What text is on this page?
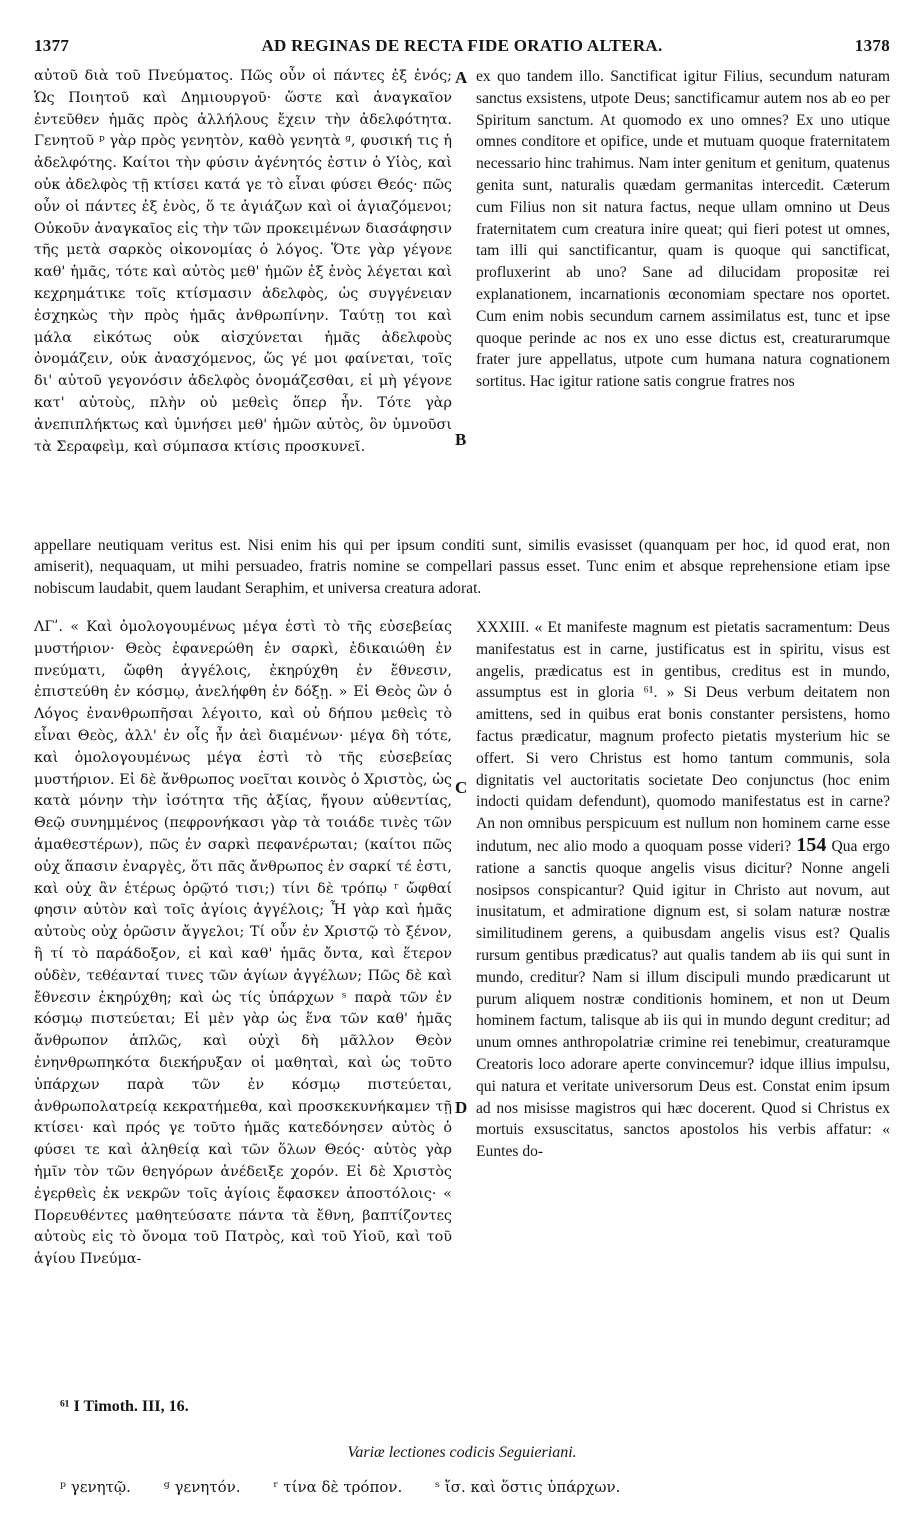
1377	AD REGINAS DE RECTA FIDE ORATIO ALTERA.	1378

αὐτοῦ διὰ τοῦ Πνεύματος. Πῶς οὖν οἱ πάντες ἐξ ἑνός; Ὡς Ποιητοῦ καὶ Δημιουργοῦ· ὥστε καὶ ἀναγκαῖον ἐντεῦθεν ἡμᾶς πρὸς ἀλλήλους ἔχειν τὴν ἀδελφότητα. Γενητοῦ ᵖ γὰρ πρὸς γενητὸν, καθὸ γενητὰ ᵍ, φυσική τις ἡ ἀδελφότης. Καίτοι τὴν φύσιν ἀγένητός ἐστιν ὁ Υἱὸς, καὶ οὐκ ἀδελφὸς τῇ κτίσει κατά γε τὸ εἶναι φύσει Θεός· πῶς οὖν οἱ πάντες ἐξ ἑνὸς, ὅ τε ἁγιάζων καὶ οἱ ἁγιαζόμενοι; Οὐκοῦν ἀναγκαῖος εἰς τὴν τῶν προκειμένων διασάφησιν τῆς μετὰ σαρκὸς οἰκονομίας ὁ λόγος. Ὅτε γὰρ γέγονε καθ' ἡμᾶς, τότε καὶ αὐτὸς μεθ' ἡμῶν ἐξ ἑνὸς λέγεται καὶ κεχρημάτικε τοῖς κτίσμασιν ἀδελφὸς, ὡς συγγένειαν ἐσχηκὼς τὴν πρὸς ἡμᾶς ἀνθρωπίνην. Ταύτῃ τοι καὶ μάλα εἰκότως οὐκ αἰσχύνεται ἡμᾶς ἀδελφοὺς ὀνομάζειν, οὐκ ἀνασχόμενος, ὥς γέ μοι φαίνεται, τοῖς δι' αὐτοῦ γεγονόσιν ἀδελφὸς ὀνομάζεσθαι, εἰ μὴ γέγονε κατ' αὐτοὺς, πλὴν οὐ μεθεὶς ὅπερ ἦν. Τότε γὰρ ἀνεπιπλήκτως καὶ ὑμνήσει μεθ' ἡμῶν αὐτὸς, ὃν ὑμνοῦσι τὰ Σεραφεὶμ, καὶ σύμπασα κτίσις προσκυνεῖ.

ex quo tandem illo. Sanctificat igitur Filius, secundum naturam sanctus exsistens, utpote Deus; sanctificamur autem nos ab eo per Spiritum sanctum. At quomodo ex uno omnes? Ex uno utique omnes conditore et opifice, unde et mutuam quoque fraternitatem necessario hinc trahimus. Nam inter genitum et genitum, quatenus genita sunt, naturalis quædam germanitas intercedit. Cæterum cum Filius non sit natura factus, neque ullam omnino ut Deus fraternitatem cum creatura inire queat; qui fieri potest ut omnes, tam illi qui sanctificantur, quam is quoque qui sanctificat, profluxerint ab uno? Sane ad dilucidam propositæ rei explanationem, incarnationis œconomiam spectare nos oportet. Cum enim nobis secundum carnem assimilatus est, tunc et ipse quoque perinde ac nos ex uno esse dictus est, creaturarumque frater jure appellatus, utpote cum humana natura cognationem sortitus. Hac igitur ratione satis congrue fratres nos

A
B

appellare neutiquam veritus est. Nisi enim his qui per ipsum conditi sunt, similis evasisset (quanquam per hoc, id quod erat, non amiserit), nequaquam, ut mihi persuadeo, fratris nomine se compellari passus esset. Tunc enim et absque reprehensione etiam ipse nobiscum laudabit, quem laudant Seraphim, et universa creatura adorat.

ΛΓʹ. « Καὶ ὁμολογουμένως μέγα ἐστὶ τὸ τῆς εὐσεβείας μυστήριον· Θεὸς ἐφανερώθη ἐν σαρκὶ, ἐδικαιώθη ἐν πνεύματι, ὤφθη ἀγγέλοις, ἐκηρύχθη ἐν ἔθνεσιν, ἐπιστεύθη ἐν κόσμῳ, ἀνελήφθη ἐν δόξῃ. » Εἰ Θεὸς ὢν ὁ Λόγος ἐνανθρωπῆσαι λέγοιτο, καὶ οὐ δήπου μεθεὶς τὸ εἶναι Θεὸς, ἀλλ' ἐν οἷς ἦν ἀεὶ διαμένων· μέγα δὴ τότε, καὶ ὁμολογουμένως μέγα ἐστὶ τὸ τῆς εὐσεβείας μυστήριον. Εἰ δὲ ἄνθρωπος νοεῖται κοινὸς ὁ Χριστὸς, ὡς κατὰ μόνην τὴν ἰσότητα τῆς ἀξίας, ἤγουν αὐθεντίας, Θεῷ συνημμένος (πεφρονήκασι γὰρ τὰ τοιάδε τινὲς τῶν ἀμαθεστέρων), πῶς ἐν σαρκὶ πεφανέρωται; (καίτοι πῶς οὐχ ἅπασιν ἐναργὲς, ὅτι πᾶς ἄνθρωπος ἐν σαρκί τέ ἐστι, καὶ οὐχ ἂν ἑτέρως ὁρῷτό τισι;) τίνι δὲ τρόπῳ ʳ ὤφθαί φησιν αὐτὸν καὶ τοῖς ἁγίοις ἀγγέλοις; Ἦ γὰρ καὶ ἡμᾶς αὐτοὺς οὐχ ὁρῶσιν ἄγγελοι; Τί οὖν ἐν Χριστῷ τὸ ξένον, ἢ τί τὸ παράδοξον, εἰ καὶ καθ' ἡμᾶς ὄντα, καὶ ἕτερον οὐδὲν, τεθέανταί τινες τῶν ἁγίων ἀγγέλων; Πῶς δὲ καὶ ἔθνεσιν ἐκηρύχθη; καὶ ὡς τίς ὑπάρχων ˢ παρὰ τῶν ἐν κόσμῳ πιστεύεται; Εἰ μὲν γὰρ ὡς ἕνα τῶν καθ' ἡμᾶς ἄνθρωπον ἁπλῶς, καὶ οὐχὶ δὴ μᾶλλον Θεὸν ἐνηνθρωπηκότα διεκήρυξαν οἱ μαθηταὶ, καὶ ὡς τοῦτο ὑπάρχων παρὰ τῶν ἐν κόσμῳ πιστεύεται, ἀνθρωπολατρείᾳ κεκρατήμεθα, καὶ προσκεκυνήκαμεν τῇ κτίσει· καὶ πρός γε τοῦτο ἡμᾶς κατεδόνησεν αὐτὸς ὁ φύσει τε καὶ ἀληθείᾳ καὶ τῶν ὅλων Θεός· αὐτὸς γὰρ ἡμῖν τὸν τῶν θεηγόρων ἀνέδειξε χορόν. Εἰ δὲ Χριστὸς ἐγερθεὶς ἐκ νεκρῶν τοῖς ἁγίοις ἔφασκεν ἀποστόλοις· « Πορευθέντες μαθητεύσατε πάντα τὰ ἔθνη, βαπτίζοντες αὐτοὺς εἰς τὸ ὄνομα τοῦ Πατρὸς, καὶ τοῦ Υἱοῦ, καὶ τοῦ ἁγίου Πνεύμα-

XXXIII. « Et manifeste magnum est pietatis sacramentum: Deus manifestatus est in carne, justificatus est in spiritu, visus est angelis, prædicatus est in gentibus, creditus est in mundo, assumptus est in gloria ⁶¹. » Si Deus verbum deitatem non amittens, sed in quibus erat bonis constanter persistens, homo factus prædicatur, magnum profecto pietatis mysterium hic se offert. Si vero Christus est homo tantum communis, sola dignitatis vel auctoritatis societate Deo conjunctus (hoc enim indocti quidam defendunt), quomodo manifestatus est in carne? An non omnibus perspicuum est nullum non hominem carne esse indutum, nec alio modo a quoquam posse videri? 154 Qua ergo ratione a sanctis quoque angelis visus dicitur? Nonne angeli nosipsos conspicantur? Quid igitur in Christo aut novum, aut inusitatum, et admiratione dignum est, si solam naturæ nostræ similitudinem gerens, a quibusdam angelis visus est? Qualis rursum gentibus prædicatus? aut qualis tandem ab iis qui sunt in mundo, creditur? Nam si illum discipuli mundo prædicarunt ut purum aliquem nostræ conditionis hominem, et non ut Deum hominem factum, talisque ab iis qui in mundo degunt creditur; ad unum omnes anthropolatriæ crimine rei tenebimur, creaturamque Creatoris loco adorare aperte convincemur? idque illius impulsu, qui natura et veritate universorum Deus est. Constat enim ipsum ad nos misisse magistros qui hæc docerent. Quod si Christus ex mortuis exsuscitatus, sanctos apostolos his verbis affatur: « Euntes do-

C
D
⁶¹ I Timoth. III, 16.
Variæ lectiones codicis Seguieriani.
ᵖ γενητῷ. ᵍ γενητόν. ʳ τίνα δὲ τρόπον. ˢ ἴσ. καὶ ὅστις ὑπάρχων.
